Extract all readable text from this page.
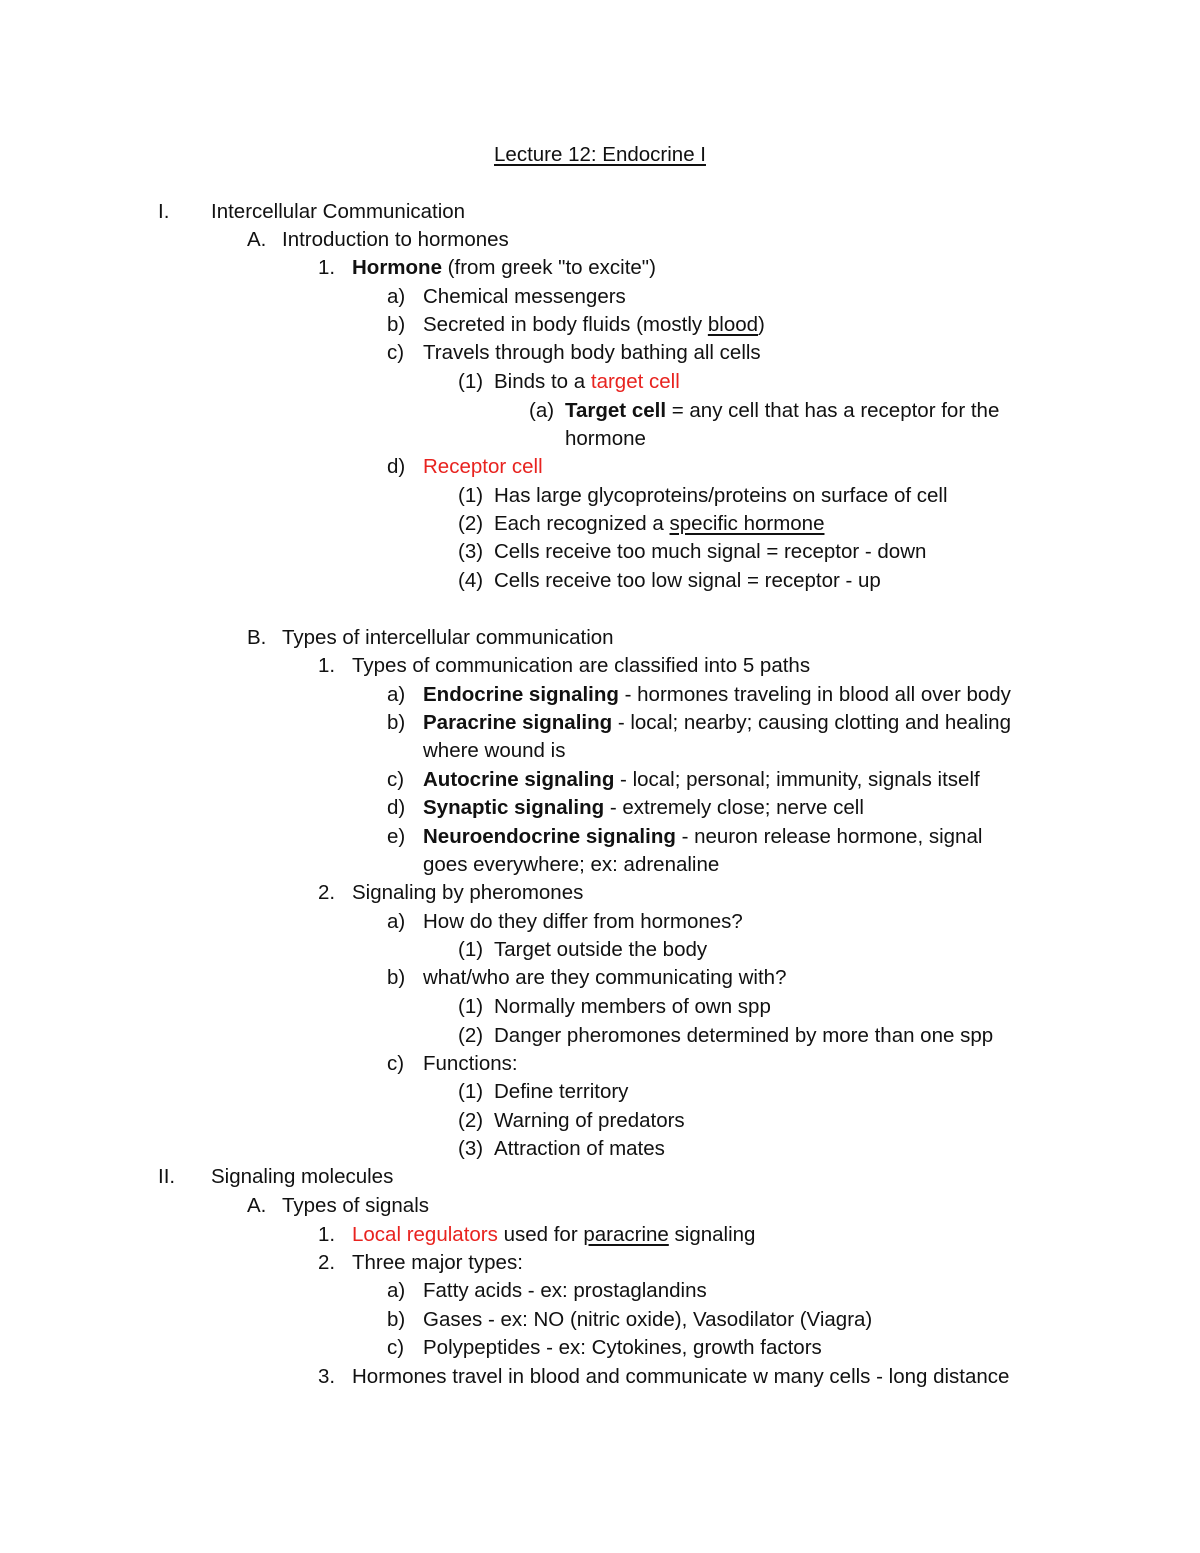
Lecture 12: Endocrine I
I. Intercellular Communication
A. Introduction to hormones
1. Hormone (from greek "to excite")
a) Chemical messengers
b) Secreted in body fluids (mostly blood)
c) Travels through body bathing all cells
(1) Binds to a target cell
(a) Target cell = any cell that has a receptor for the
hormone
d) Receptor cell
(1) Has large glycoproteins/proteins on surface of cell
(2) Each recognized a specific hormone
(3) Cells receive too much signal = receptor - down
(4) Cells receive too low signal = receptor - up
B. Types of intercellular communication
1. Types of communication are classified into 5 paths
a) Endocrine signaling - hormones traveling in blood all over body
b) Paracrine signaling - local; nearby; causing clotting and healing
where wound is
c) Autocrine signaling - local; personal; immunity, signals itself
d) Synaptic signaling - extremely close; nerve cell
e) Neuroendocrine signaling - neuron release hormone, signal
goes everywhere; ex: adrenaline
2. Signaling by pheromones
a) How do they differ from hormones?
(1) Target outside the body
b) what/who are they communicating with?
(1) Normally members of own spp
(2) Danger pheromones determined by more than one spp
c) Functions:
(1) Define territory
(2) Warning of predators
(3) Attraction of mates
II. Signaling molecules
A. Types of signals
1. Local regulators used for paracrine signaling
2. Three major types:
a) Fatty acids - ex: prostaglandins
b) Gases - ex: NO (nitric oxide), Vasodilator (Viagra)
c) Polypeptides - ex: Cytokines, growth factors
3. Hormones travel in blood and communicate w many cells - long distance
